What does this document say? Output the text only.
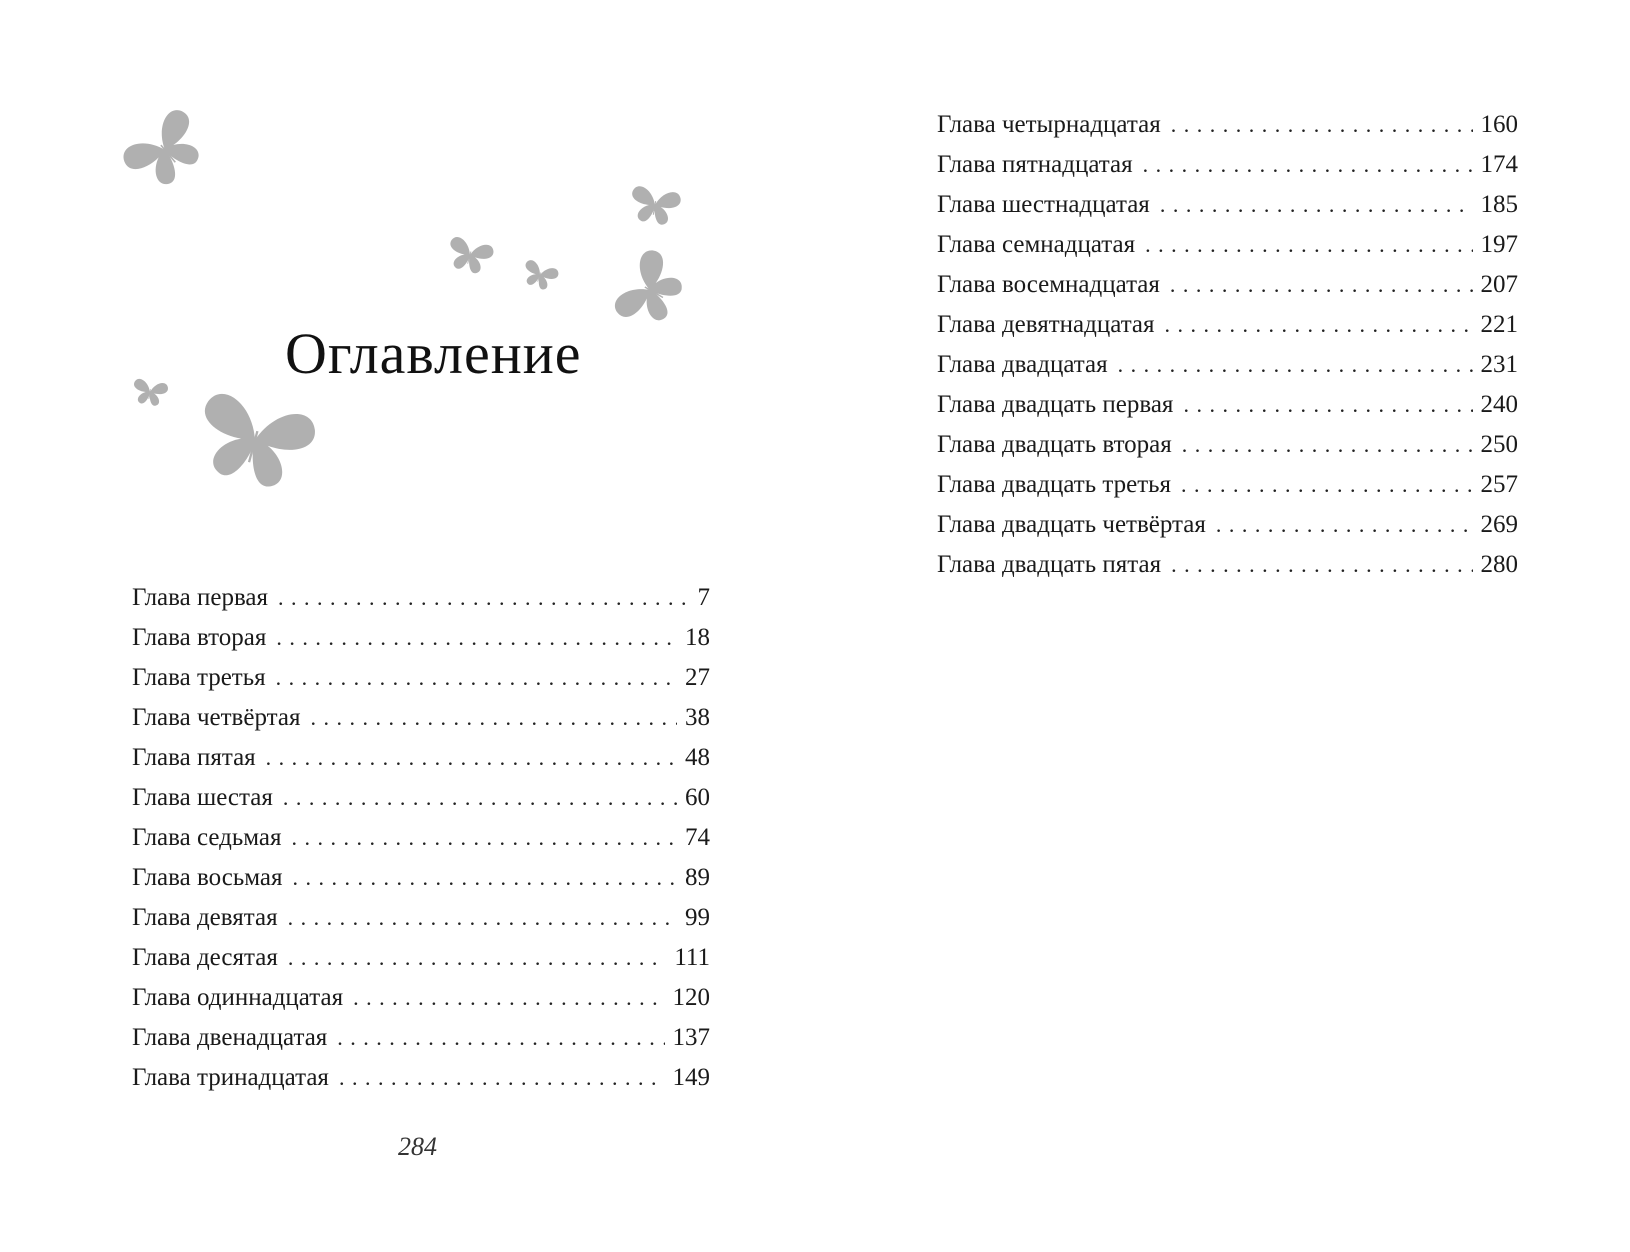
Оглавление
Глава первая . . .	7
Глава вторая . . .	18
Глава третья . . .	27
Глава четвёртая . . .	38
Глава пятая . . .	48
Глава шестая . . .	60
Глава седьмая . . .	74
Глава восьмая . . .	89
Глава девятая . . .	99
Глава десятая . . .	111
Глава одиннадцатая . . .	120
Глава двенадцатая . . .	137
Глава тринадцатая . . .	149
284
Глава четырнадцатая . . .	160
Глава пятнадцатая . . .	174
Глава шестнадцатая . . .	185
Глава семнадцатая . . .	197
Глава восемнадцатая . . .	207
Глава девятнадцатая . . .	221
Глава двадцатая . . .	231
Глава двадцать первая . . .	240
Глава двадцать вторая . . .	250
Глава двадцать третья . . .	257
Глава двадцать четвёртая . . .	269
Глава двадцать пятая . . .	280
